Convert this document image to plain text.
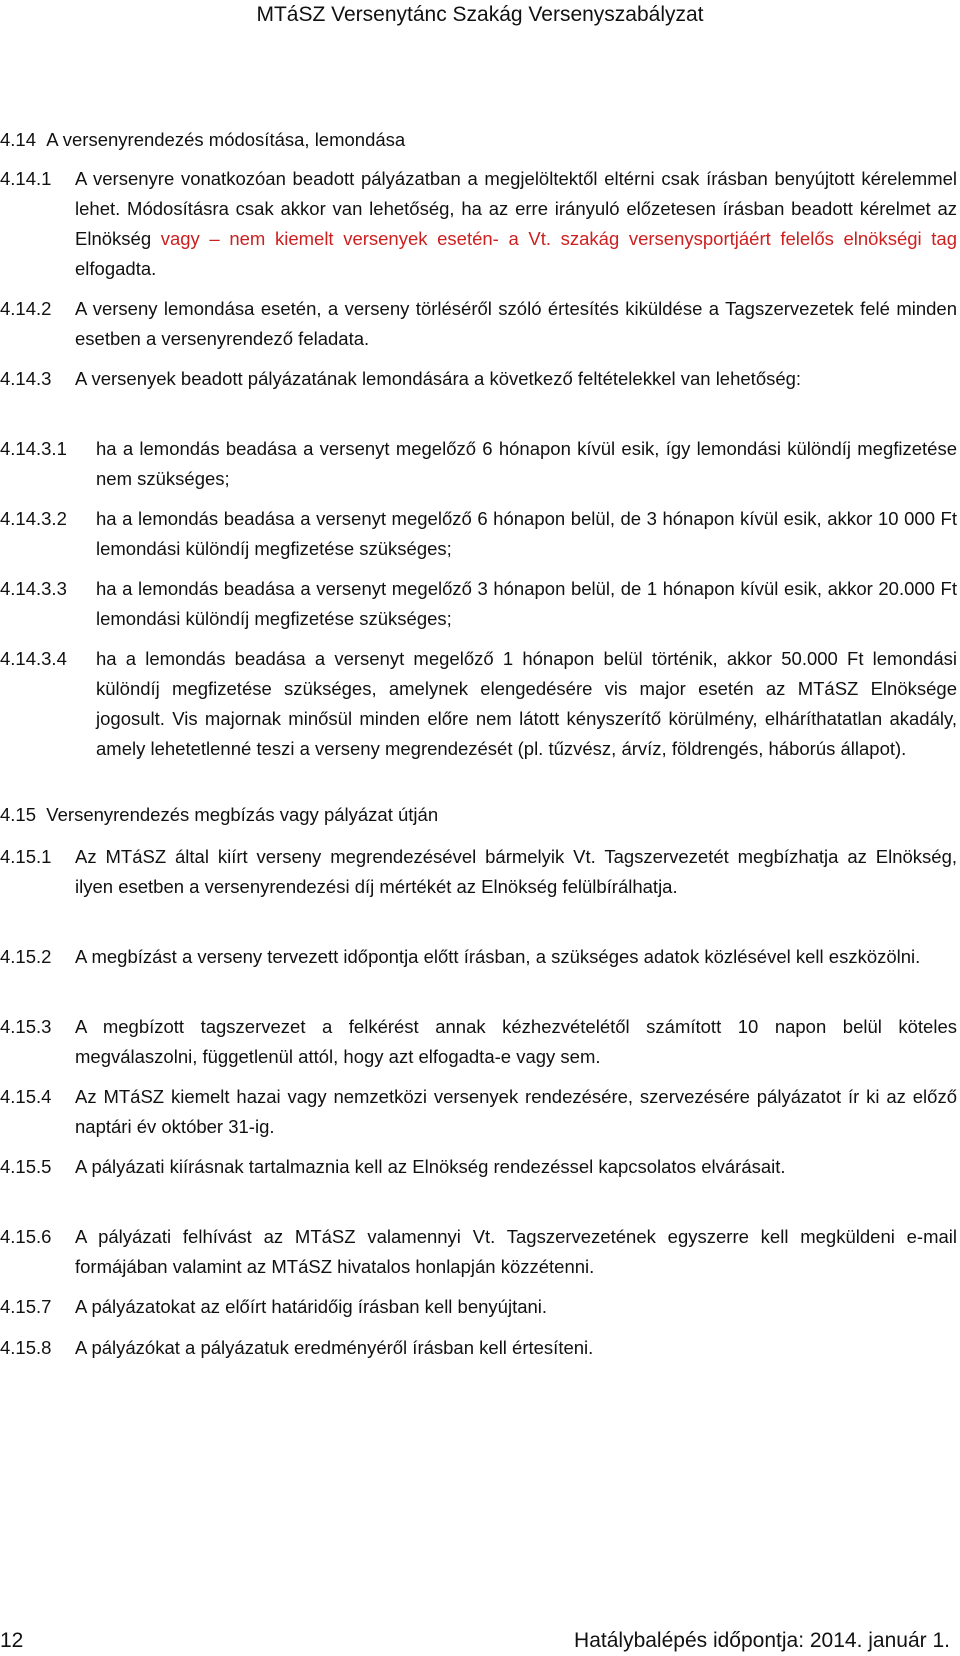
MTáSZ Versenytánc Szakág Versenyszabályzat
4.14 A versenyrendezés módosítása, lemondása
4.14.1 A versenyre vonatkozóan beadott pályázatban a megjelöltektől eltérni csak írásban benyújtott kérelemmel lehet. Módosításra csak akkor van lehetőség, ha az erre irányuló előzetesen írásban beadott kérelmet az Elnökség vagy – nem kiemelt versenyek esetén- a Vt. szakág versenysportjáért felelős elnökségi tag elfogadta.
4.14.2 A verseny lemondása esetén, a verseny törléséről szóló értesítés kiküldése a Tagszervezetek felé minden esetben a versenyrendező feladata.
4.14.3 A versenyek beadott pályázatának lemondására a következő feltételekkel van lehetőség:
4.14.3.1 ha a lemondás beadása a versenyt megelőző 6 hónapon kívül esik, így lemondási különdíj megfizetése nem szükséges;
4.14.3.2 ha a lemondás beadása a versenyt megelőző 6 hónapon belül, de 3 hónapon kívül esik, akkor 10 000 Ft lemondási különdíj megfizetése szükséges;
4.14.3.3 ha a lemondás beadása a versenyt megelőző 3 hónapon belül, de 1 hónapon kívül esik, akkor 20.000 Ft lemondási különdíj megfizetése szükséges;
4.14.3.4 ha a lemondás beadása a versenyt megelőző 1 hónapon belül történik, akkor 50.000 Ft lemondási különdíj megfizetése szükséges, amelynek elengedésére vis major esetén az MTáSZ Elnöksége jogosult. Vis majornak minősül minden előre nem látott kényszerítő körülmény, elháríthatatlan akadály, amely lehetetlenné teszi a verseny megrendezését (pl. tűzvész, árvíz, földrengés, háborús állapot).
4.15 Versenyrendezés megbízás vagy pályázat útján
4.15.1 Az MTáSZ által kiírt verseny megrendezésével bármelyik Vt. Tagszervezetét megbízhatja az Elnökség, ilyen esetben a versenyrendezési díj mértékét az Elnökség felülbírálhatja.
4.15.2 A megbízást a verseny tervezett időpontja előtt írásban, a szükséges adatok közlésével kell eszközölni.
4.15.3 A megbízott tagszervezet a felkérést annak kézhezvételétől számított 10 napon belül köteles megválaszolni, függetlenül attól, hogy azt elfogadta-e vagy sem.
4.15.4 Az MTáSZ kiemelt hazai vagy nemzetközi versenyek rendezésére, szervezésére pályázatot ír ki az előző naptári év október 31-ig.
4.15.5 A pályázati kiírásnak tartalmaznia kell az Elnökség rendezéssel kapcsolatos elvárásait.
4.15.6 A pályázati felhívást az MTáSZ valamennyi Vt. Tagszervezetének egyszerre kell megküldeni e-mail formájában valamint az MTáSZ hivatalos honlapján közzétenni.
4.15.7 A pályázatokat az előírt határidőig írásban kell benyújtani.
4.15.8 A pályázókat a pályázatuk eredményéről írásban kell értesíteni.
12	Hatálybalépés időpontja: 2014. január 1.
